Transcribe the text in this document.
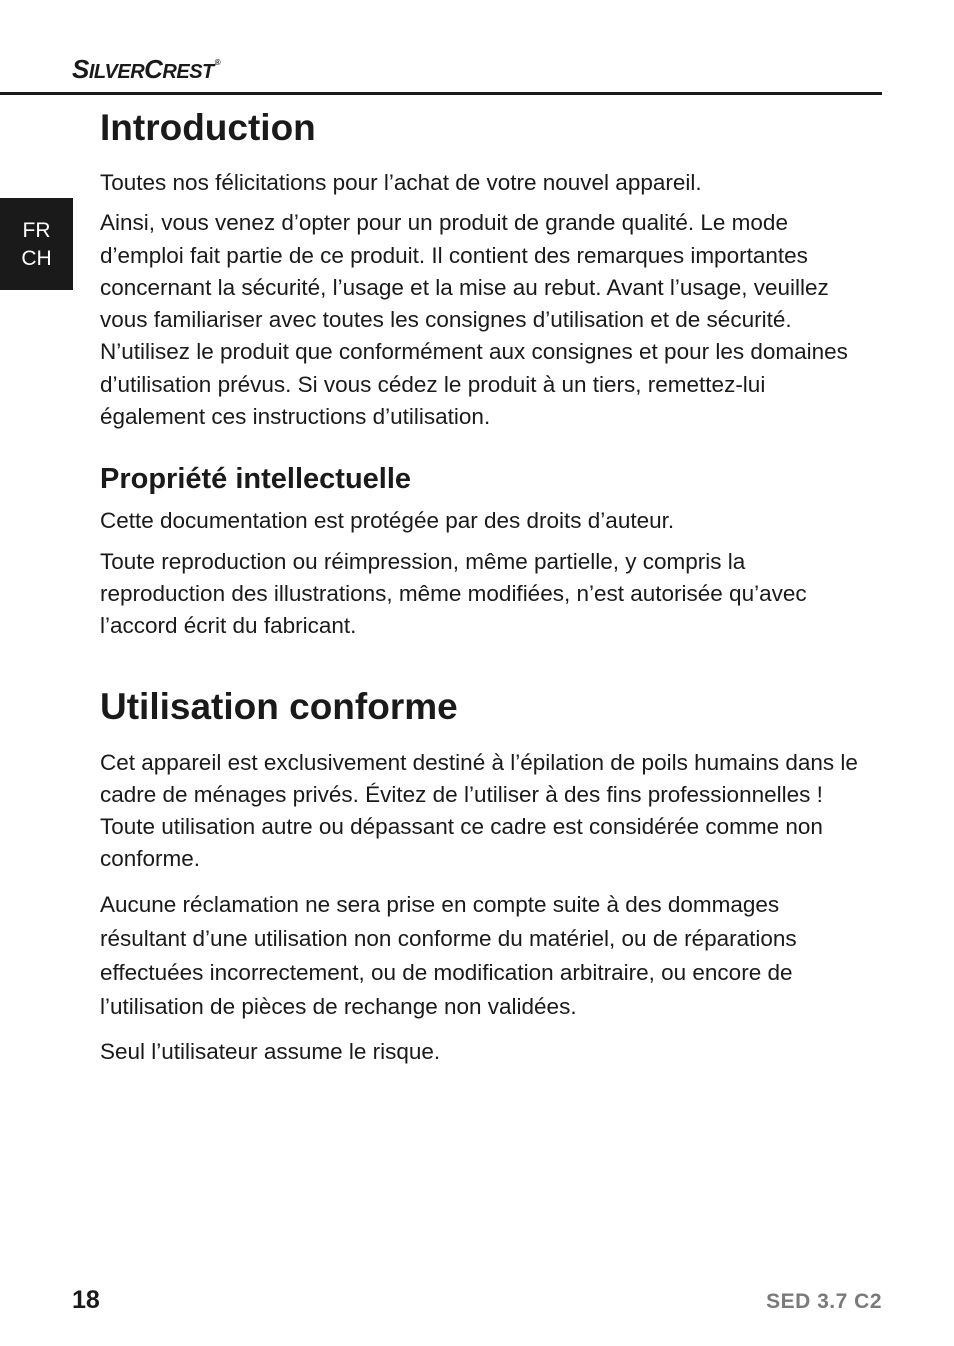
S ILVER C REST ®
FR
CH
Introduction

Toutes nos félicitations pour l’achat de votre nouvel appareil.

Ainsi, vous venez d’opter pour un produit de grande qualité. Le mode d’emploi fait partie de ce produit. Il contient des remarques importantes concernant la sécurité, l’usage et la mise au rebut. Avant l’usage, veuillez vous familiariser avec toutes les consignes d’utilisation et de sécurité. N’utilisez le produit que conformément aux consignes et pour les domaines d’utilisation prévus. Si vous cédez le produit à un tiers, remettez-lui également ces instructions d’utilisation.

Propriété intellectuelle

Cette documentation est protégée par des droits d’auteur.

Toute reproduction ou réimpression, même partielle, y compris la reproduction des illustrations, même modifiées, n’est autorisée qu’avec l’accord écrit du fabricant.

Utilisation conforme

Cet appareil est exclusivement destiné à l’épilation de poils humains dans le cadre de ménages privés. Évitez de l’utiliser à des fins professionnelles ! Toute utilisation autre ou dépassant ce cadre est considérée comme non conforme.

Aucune réclamation ne sera prise en compte suite à des dommages résultant d’une utilisation non conforme du matériel, ou de réparations effectuées incorrectement, ou de modification arbitraire, ou encore de l’utilisation de pièces de rechange non validées.

Seul l’utilisateur assume le risque.

18	SED 3.7 C2
